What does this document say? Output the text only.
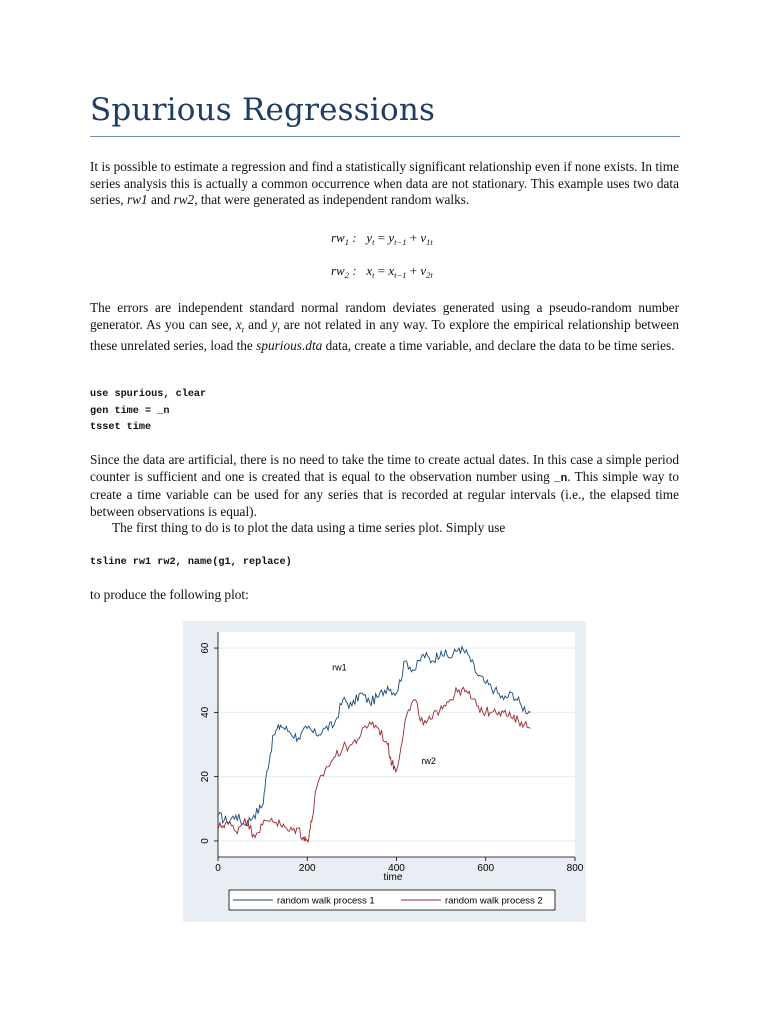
Spurious Regressions

It is possible to estimate a regression and find a statistically significant relationship even if none exists. In time series analysis this is actually a common occurrence when data are not stationary. This example uses two data series, rw1 and rw2, that were generated as independent random walks.

$rw_1$ :   $y_t = y_{t-1} + v_{1t}$

$rw_2$ :   $x_t = x_{t-1} + v_{2t}$

The errors are independent standard normal random deviates generated using a pseudo-random number generator. As you can see, $x_t$ and $y_t$ are not related in any way. To explore the empirical relationship between these unrelated series, load the spurious.dta data, create a time variable, and declare the data to be time series.

use spurious, clear
gen time = _n
tsset time

Since the data are artificial, there is no need to take the time to create actual dates. In this case a simple period counter is sufficient and one is created that is equal to the observation number using _n. This simple way to create a time variable can be used for any series that is recorded at regular intervals (i.e., the elapsed time between observations is equal).
The first thing to do is to plot the data using a time series plot. Simply use

tsline rw1 rw2, name(g1, replace)

to produce the following plot:

0
20
40
60
0	200	400	600	800
time
rw1
rw2
random walk process 1	random walk process 2
